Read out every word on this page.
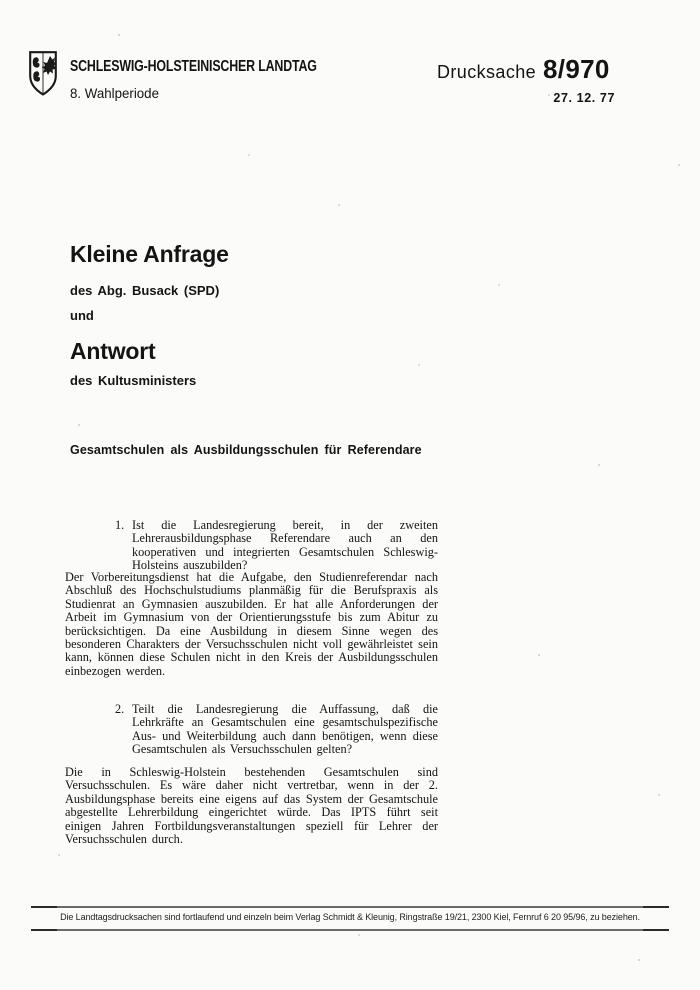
SCHLESWIG-HOLSTEINISCHER LANDTAG
8. Wahlperiode
Drucksache 8/970
27. 12. 77
Kleine Anfrage
des Abg. Busack (SPD)
und
Antwort
des Kultusministers
Gesamtschulen als Ausbildungsschulen für Referendare
1. Ist die Landesregierung bereit, in der zweiten Lehrerausbildungsphase Referendare auch an den kooperativen und integrierten Gesamtschulen Schleswig-Holsteins auszubilden?
Der Vorbereitungsdienst hat die Aufgabe, den Studienreferendar nach Abschluß des Hochschulstudiums planmäßig für die Berufspraxis als Studienrat an Gymnasien auszubilden. Er hat alle Anforderungen der Arbeit im Gymnasium von der Orientierungsstufe bis zum Abitur zu berücksichtigen. Da eine Ausbildung in diesem Sinne wegen des besonderen Charakters der Versuchsschulen nicht voll gewährleistet sein kann, können diese Schulen nicht in den Kreis der Ausbildungsschulen einbezogen werden.
2. Teilt die Landesregierung die Auffassung, daß die Lehrkräfte an Gesamtschulen eine gesamtschulspezifische Aus- und Weiterbildung auch dann benötigen, wenn diese Gesamtschulen als Versuchsschulen gelten?
Die in Schleswig-Holstein bestehenden Gesamtschulen sind Versuchsschulen. Es wäre daher nicht vertretbar, wenn in der 2. Ausbildungsphase bereits eine eigens auf das System der Gesamtschule abgestellte Lehrerbildung eingerichtet würde. Das IPTS führt seit einigen Jahren Fortbildungsveranstaltungen speziell für Lehrer der Versuchsschulen durch.
Die Landtagsdrucksachen sind fortlaufend und einzeln beim Verlag Schmidt & Kleunig, Ringstraße 19/21, 2300 Kiel, Fernruf 6 20 95/96, zu beziehen.
